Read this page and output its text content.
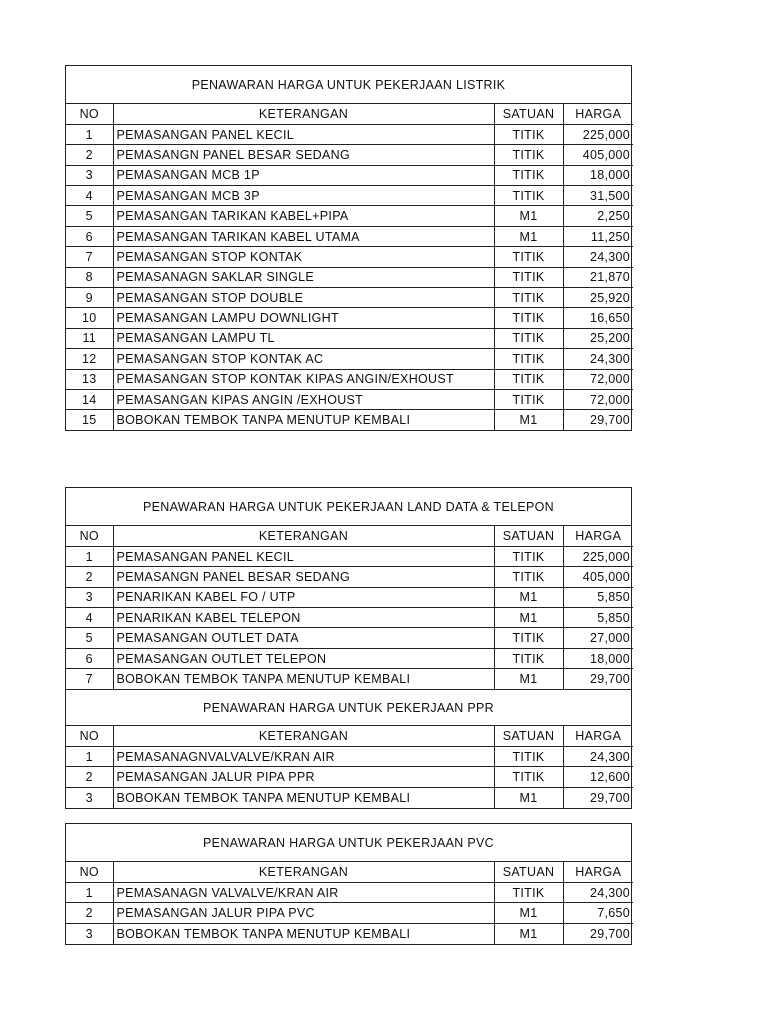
PENAWARAN HARGA UNTUK PEKERJAAN LISTRIK
NO	KETERANGAN	SATUAN	HARGA
1	PEMASANGAN PANEL KECIL	TITIK	225,000
2	PEMASANGN PANEL BESAR SEDANG	TITIK	405,000
3	PEMASANGAN MCB 1P	TITIK	18,000
4	PEMASANGAN MCB 3P	TITIK	31,500
5	PEMASANGAN TARIKAN KABEL+PIPA	M1	2,250
6	PEMASANGAN TARIKAN KABEL UTAMA	M1	11,250
7	PEMASANGAN STOP KONTAK	TITIK	24,300
8	PEMASANAGN SAKLAR SINGLE	TITIK	21,870
9	PEMASANGAN STOP DOUBLE	TITIK	25,920
10	PEMASANGAN LAMPU DOWNLIGHT	TITIK	16,650
11	PEMASANGAN LAMPU TL	TITIK	25,200
12	PEMASANGAN STOP KONTAK AC	TITIK	24,300
13	PEMASANGAN STOP KONTAK KIPAS ANGIN/EXHOUST	TITIK	72,000
14	PEMASANGAN KIPAS ANGIN /EXHOUST	TITIK	72,000
15	BOBOKAN TEMBOK TANPA MENUTUP KEMBALI	M1	29,700
PENAWARAN HARGA UNTUK PEKERJAAN LAND DATA & TELEPON
NO	KETERANGAN	SATUAN	HARGA
1	PEMASANGAN PANEL KECIL	TITIK	225,000
2	PEMASANGN PANEL BESAR SEDANG	TITIK	405,000
3	PENARIKAN KABEL FO / UTP	M1	5,850
4	PENARIKAN KABEL TELEPON	M1	5,850
5	PEMASANGAN OUTLET DATA	TITIK	27,000
6	PEMASANGAN OUTLET TELEPON	TITIK	18,000
7	BOBOKAN TEMBOK TANPA MENUTUP KEMBALI	M1	29,700
PENAWARAN HARGA UNTUK PEKERJAAN PPR
NO	KETERANGAN	SATUAN	HARGA
1	PEMASANAGNVALVALVE/KRAN AIR	TITIK	24,300
2	PEMASANGAN JALUR PIPA PPR	TITIK	12,600
3	BOBOKAN TEMBOK TANPA MENUTUP KEMBALI	M1	29,700
PENAWARAN HARGA UNTUK PEKERJAAN PVC
NO	KETERANGAN	SATUAN	HARGA
1	PEMASANAGN VALVALVE/KRAN AIR	TITIK	24,300
2	PEMASANGAN JALUR PIPA PVC	M1	7,650
3	BOBOKAN TEMBOK TANPA MENUTUP KEMBALI	M1	29,700
